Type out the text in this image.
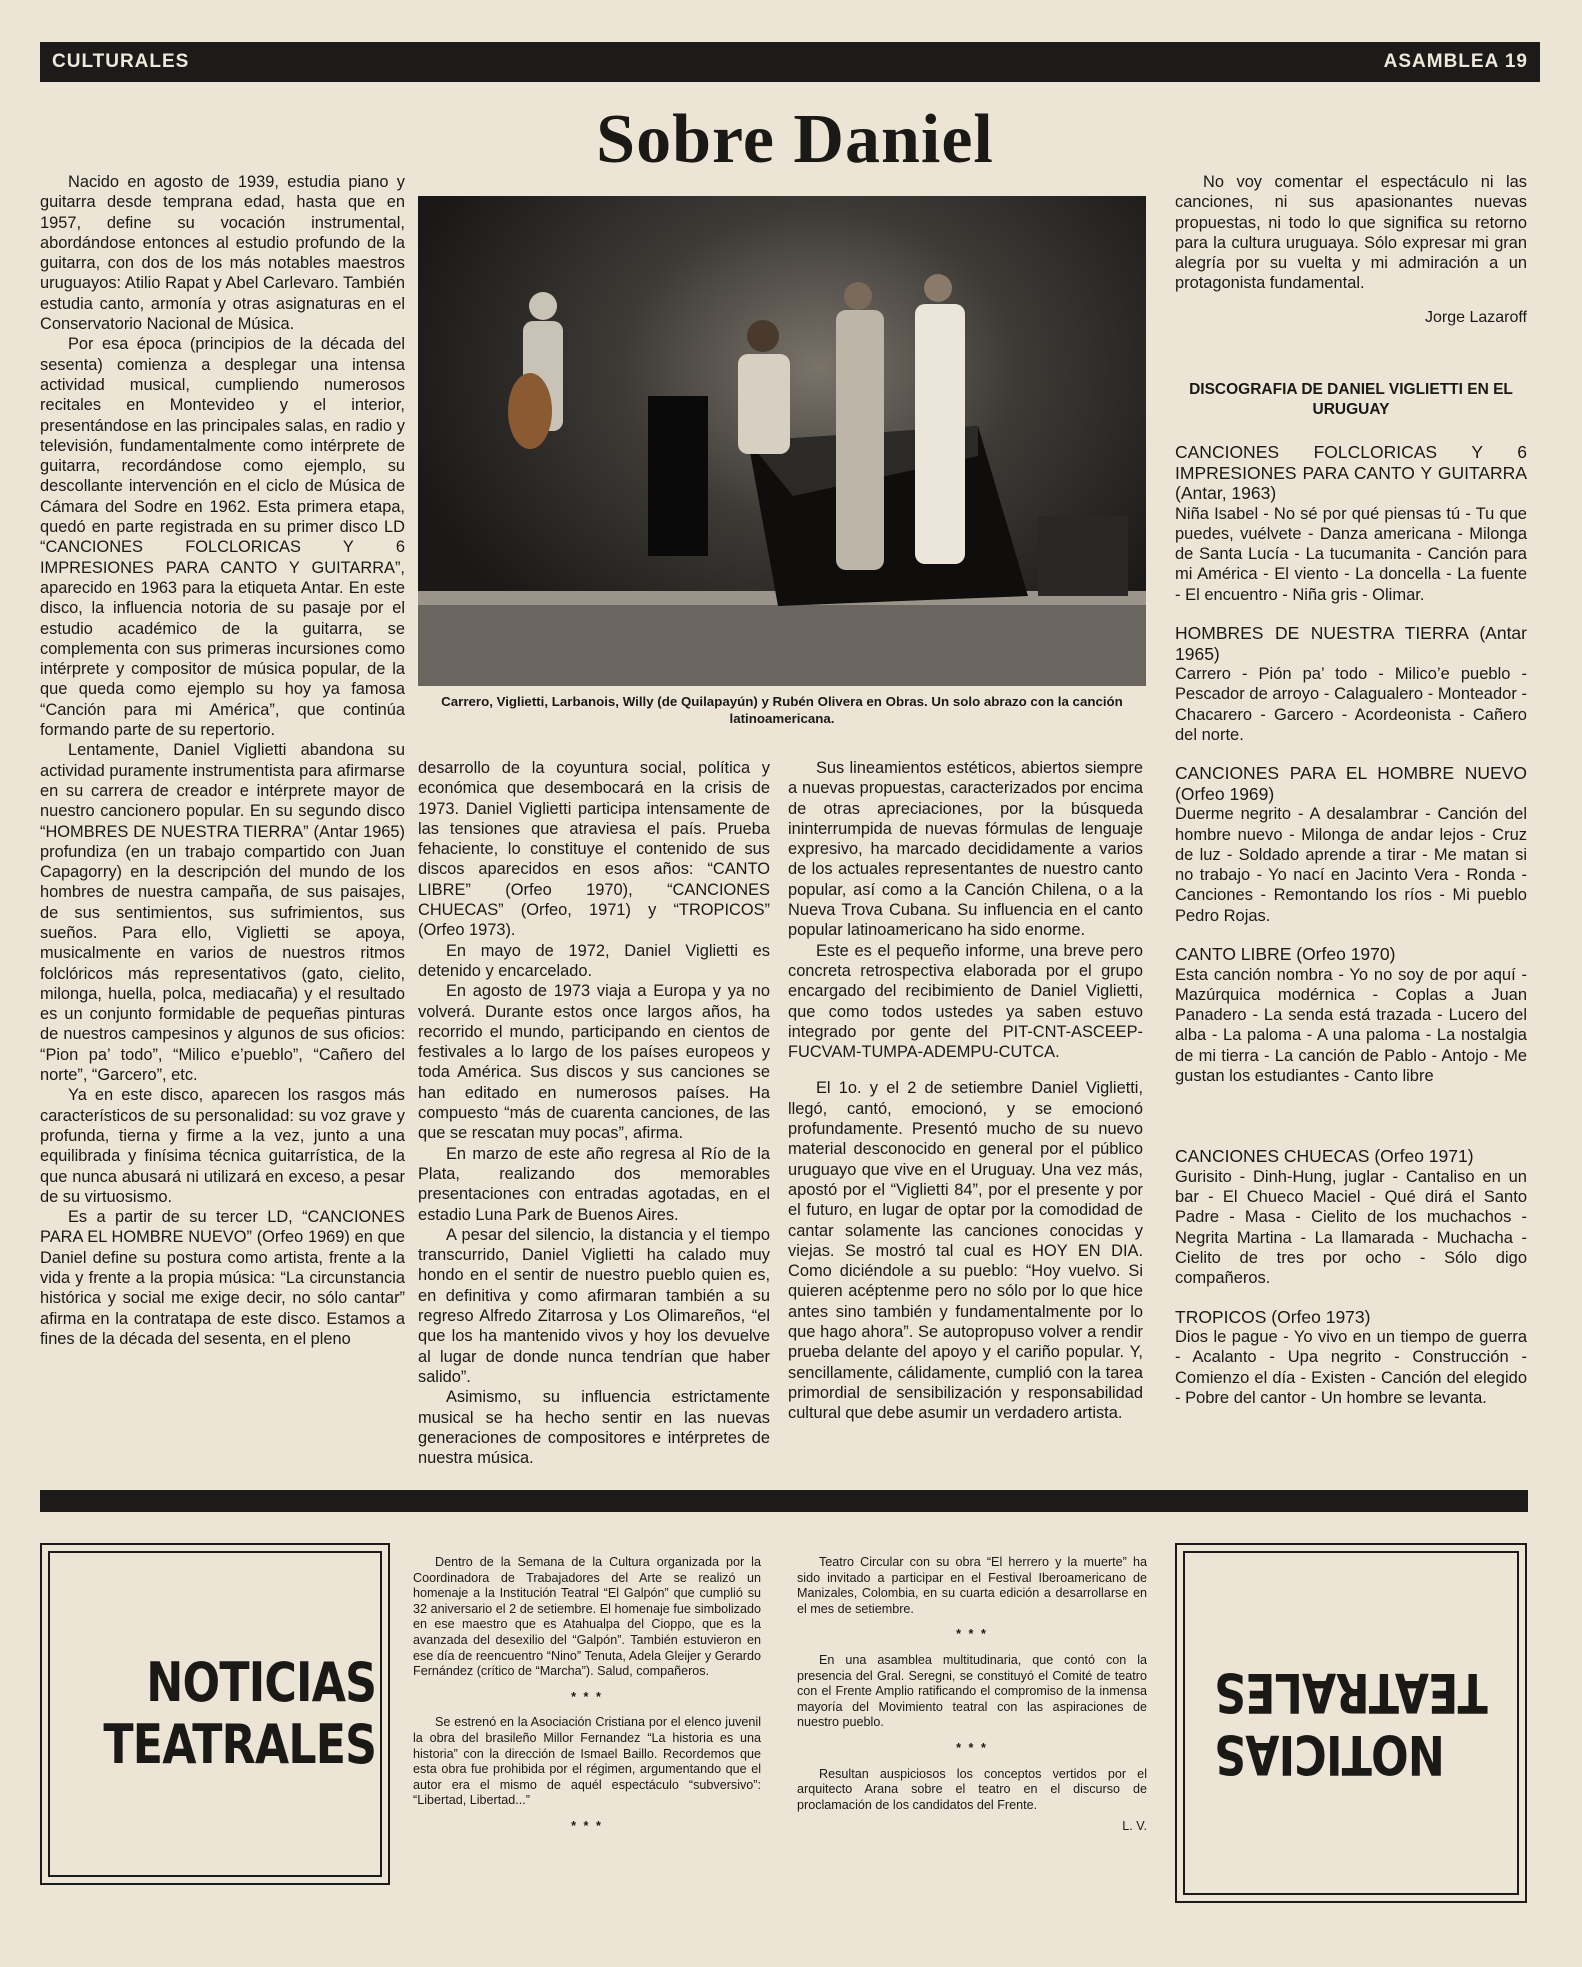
CULTURALES	ASAMBLEA 19
Sobre Daniel

Nacido en agosto de 1939, estudia piano y guitarra desde temprana edad, hasta que en 1957, define su vocación instrumental, abordándose entonces al estudio profundo de la guitarra, con dos de los más notables maestros uruguayos: Atilio Rapat y Abel Carlevaro. También estudia canto, armonía y otras asignaturas en el Conservatorio Nacional de Música.

Por esa época (principios de la década del sesenta) comienza a desplegar una intensa actividad musical, cumpliendo numerosos recitales en Montevideo y el interior, presentándose en las principales salas, en radio y televisión, fundamentalmente como intérprete de guitarra, recordándose como ejemplo, su descollante intervención en el ciclo de Música de Cámara del Sodre en 1962. Esta primera etapa, quedó en parte registrada en su primer disco LD “CANCIONES FOLCLORICAS Y 6 IMPRESIONES PARA CANTO Y GUITARRA”, aparecido en 1963 para la etiqueta Antar. En este disco, la influencia notoria de su pasaje por el estudio académico de la guitarra, se complementa con sus primeras incursiones como intérprete y compositor de música popular, de la que queda como ejemplo su hoy ya famosa “Canción para mi América”, que continúa formando parte de su repertorio.

Lentamente, Daniel Viglietti abandona su actividad puramente instrumentista para afirmarse en su carrera de creador e intérprete mayor de nuestro cancionero popular. En su segundo disco “HOMBRES DE NUESTRA TIERRA” (Antar 1965) profundiza (en un trabajo compartido con Juan Capagorry) en la descripción del mundo de los hombres de nuestra campaña, de sus paisajes, de sus sentimientos, sus sufrimientos, sus sueños. Para ello, Viglietti se apoya, musicalmente en varios de nuestros ritmos folclóricos más representativos (gato, cielito, milonga, huella, polca, mediacaña) y el resultado es un conjunto formidable de pequeñas pinturas de nuestros campesinos y algunos de sus oficios: “Pion pa’ todo”, “Milico e’pueblo”, “Cañero del norte”, “Garcero”, etc.

Ya en este disco, aparecen los rasgos más característicos de su personalidad: su voz grave y profunda, tierna y firme a la vez, junto a una equilibrada y finísima técnica guitarrística, de la que nunca abusará ni utilizará en exceso, a pesar de su virtuosismo.

Es a partir de su tercer LD, “CANCIONES PARA EL HOMBRE NUEVO” (Orfeo 1969) en que Daniel define su postura como artista, frente a la vida y frente a la propia música: “La circunstancia histórica y social me exige decir, no sólo cantar” afirma en la contratapa de este disco. Estamos a fines de la década del sesenta, en el pleno

Carrero, Viglietti, Larbanois, Willy (de Quilapayún) y Rubén Olivera en Obras. Un solo abrazo con la canción latinoamericana.

desarrollo de la coyuntura social, política y económica que desembocará en la crisis de 1973. Daniel Viglietti participa intensamente de las tensiones que atraviesa el país. Prueba fehaciente, lo constituye el contenido de sus discos aparecidos en esos años: “CANTO LIBRE” (Orfeo 1970), “CANCIONES CHUECAS” (Orfeo, 1971) y “TROPICOS” (Orfeo 1973).

En mayo de 1972, Daniel Viglietti es detenido y encarcelado.

En agosto de 1973 viaja a Europa y ya no volverá. Durante estos once largos años, ha recorrido el mundo, participando en cientos de festivales a lo largo de los países europeos y toda América. Sus discos y sus canciones se han editado en numerosos países. Ha compuesto “más de cuarenta canciones, de las que se rescatan muy pocas”, afirma.

En marzo de este año regresa al Río de la Plata, realizando dos memorables presentaciones con entradas agotadas, en el estadio Luna Park de Buenos Aires.

A pesar del silencio, la distancia y el tiempo transcurrido, Daniel Viglietti ha calado muy hondo en el sentir de nuestro pueblo quien es, en definitiva y como afirmaran también a su regreso Alfredo Zitarrosa y Los Olimareños, “el que los ha mantenido vivos y hoy los devuelve al lugar de donde nunca tendrían que haber salido”.

Asimismo, su influencia estrictamente musical se ha hecho sentir en las nuevas generaciones de compositores e intérpretes de nuestra música.

Sus lineamientos estéticos, abiertos siempre a nuevas propuestas, caracterizados por encima de otras apreciaciones, por la búsqueda ininterrumpida de nuevas fórmulas de lenguaje expresivo, ha marcado decididamente a varios de los actuales representantes de nuestro canto popular, así como a la Canción Chilena, o a la Nueva Trova Cubana. Su influencia en el canto popular latinoamericano ha sido enorme.

Este es el pequeño informe, una breve pero concreta retrospectiva elaborada por el grupo encargado del recibimiento de Daniel Viglietti, que como todos ustedes ya saben estuvo integrado por gente del PIT-CNT-ASCEEP-FUCVAM-TUMPA-ADEMPU-CUTCA.

El 1o. y el 2 de setiembre Daniel Viglietti, llegó, cantó, emocionó, y se emocionó profundamente. Presentó mucho de su nuevo material desconocido en general por el público uruguayo que vive en el Uruguay. Una vez más, apostó por el “Viglietti 84”, por el presente y por el futuro, en lugar de optar por la comodidad de cantar solamente las canciones conocidas y viejas. Se mostró tal cual es HOY EN DIA. Como diciéndole a su pueblo: “Hoy vuelvo. Si quieren acéptenme pero no sólo por lo que hice antes sino también y fundamentalmente por lo que hago ahora”. Se autopropuso volver a rendir prueba delante del apoyo y el cariño popular. Y, sencillamente, cálidamente, cumplió con la tarea primordial de sensibilización y responsabilidad cultural que debe asumir un verdadero artista.

No voy comentar el espectáculo ni las canciones, ni sus apasionantes nuevas propuestas, ni todo lo que significa su retorno para la cultura uruguaya. Sólo expresar mi gran alegría por su vuelta y mi admiración a un protagonista fundamental.

Jorge Lazaroff
DISCOGRAFIA DE DANIEL VIGLIETTI EN EL URUGUAY
CANCIONES FOLCLORICAS Y 6 IMPRESIONES PARA CANTO Y GUITARRA (Antar, 1963)
Niña Isabel - No sé por qué piensas tú - Tu que puedes, vuélvete - Danza americana - Milonga de Santa Lucía - La tucumanita - Canción para mi América - El viento - La doncella - La fuente - El encuentro - Niña gris - Olimar.
HOMBRES DE NUESTRA TIERRA (Antar 1965)
Carrero - Pión pa’ todo - Milico’e pueblo - Pescador de arroyo - Calagualero - Monteador - Chacarero - Garcero - Acordeonista - Cañero del norte.
CANCIONES PARA EL HOMBRE NUEVO (Orfeo 1969)
Duerme negrito - A desalambrar - Canción del hombre nuevo - Milonga de andar lejos - Cruz de luz - Soldado aprende a tirar - Me matan si no trabajo - Yo nací en Jacinto Vera - Ronda - Canciones - Remontando los ríos - Mi pueblo Pedro Rojas.
CANTO LIBRE (Orfeo 1970)
Esta canción nombra - Yo no soy de por aquí - Mazúrquica modérnica - Coplas a Juan Panadero - La senda está trazada - Lucero del alba - La paloma - A una paloma - La nostalgia de mi tierra - La canción de Pablo - Antojo - Me gustan los estudiantes - Canto libre
CANCIONES CHUECAS (Orfeo 1971)
Gurisito - Dinh-Hung, juglar - Cantaliso en un bar - El Chueco Maciel - Qué dirá el Santo Padre - Masa - Cielito de los muchachos - Negrita Martina - La llamarada - Muchacha - Cielito de tres por ocho - Sólo digo compañeros.
TROPICOS (Orfeo 1973)
Dios le pague - Yo vivo en un tiempo de guerra - Acalanto - Upa negrito - Construcción - Comienzo el día - Existen - Canción del elegido - Pobre del cantor - Un hombre se levanta.
NOTICIAS
TEATRALES	NOTICIAS
TEATRALES

Dentro de la Semana de la Cultura organizada por la Coordinadora de Trabajadores del Arte se realizó un homenaje a la Institución Teatral “El Galpón” que cumplió su 32 aniversario el 2 de setiembre. El homenaje fue simbolizado en ese maestro que es Atahualpa del Cioppo, que es la avanzada del desexilio del “Galpón”. También estuvieron en ese día de reencuentro “Nino” Tenuta, Adela Gleijer y Gerardo Fernández (crítico de “Marcha”). Salud, compañeros.

* * *

Se estrenó en la Asociación Cristiana por el elenco juvenil la obra del brasileño Millor Fernandez “La historia es una historia” con la dirección de Ismael Baillo. Recordemos que esta obra fue prohibida por el régimen, argumentando que el autor era el mismo de aquél espectáculo “subversivo”: “Libertad, Libertad...”

* * *

Teatro Circular con su obra “El herrero y la muerte” ha sido invitado a participar en el Festival Iberoamericano de Manizales, Colombia, en su cuarta edición a desarrollarse en el mes de setiembre.

* * *

En una asamblea multitudinaria, que contó con la presencia del Gral. Seregni, se constituyó el Comité de teatro con el Frente Amplio ratificando el compromiso de la inmensa mayoría del Movimiento teatral con las aspiraciones de nuestro pueblo.

* * *

Resultan auspiciosos los conceptos vertidos por el arquitecto Arana sobre el teatro en el discurso de proclamación de los candidatos del Frente.

L. V.
